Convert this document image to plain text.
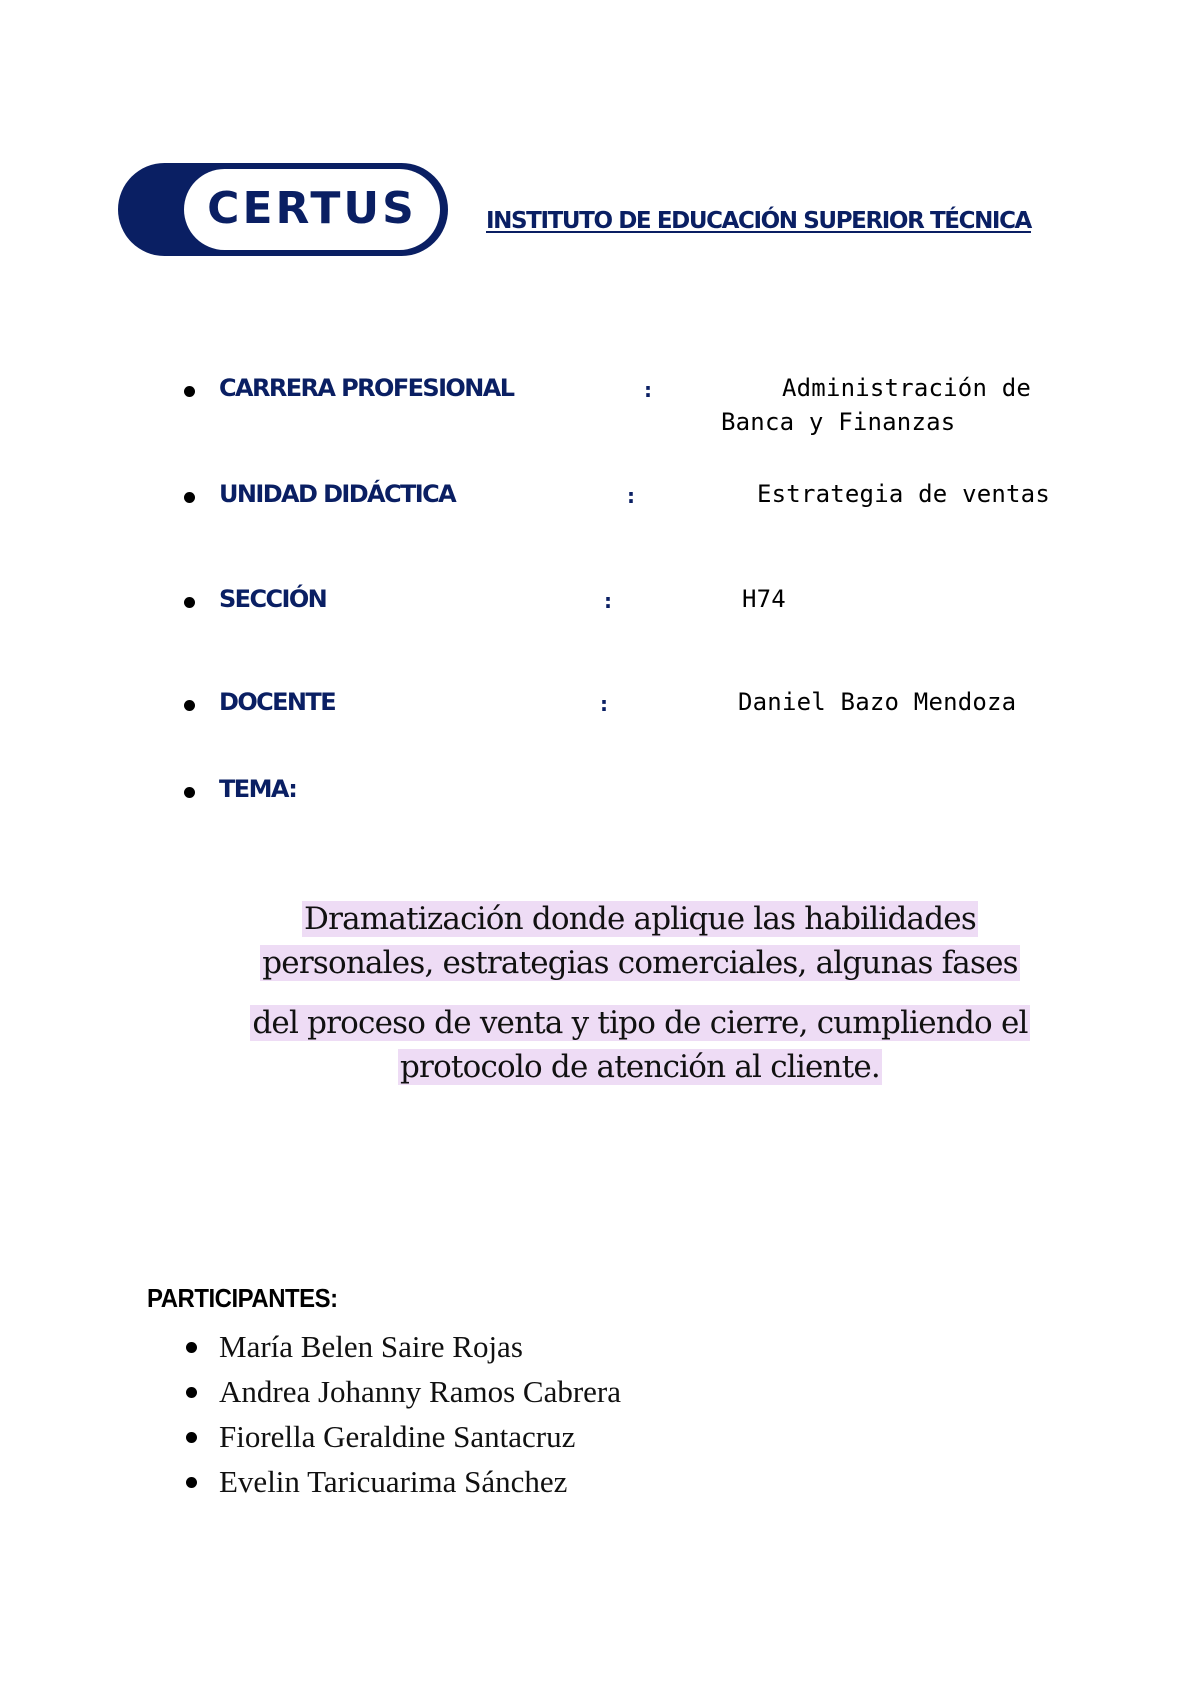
CERTUS	INSTITUTO DE EDUCACIÓN SUPERIOR TÉCNICA
CARRERA PROFESIONAL	:	Administración de
Banca y Finanzas
UNIDAD DIDÁCTICA	:	Estrategia de ventas
SECCIÓN	:	H74
DOCENTE	:	Daniel Bazo Mendoza
TEMA:
Dramatización donde aplique las habilidades
personales, estrategias comerciales, algunas fases
del proceso de venta y tipo de cierre, cumpliendo el
protocolo de atención al cliente.
PARTICIPANTES:
María Belen Saire Rojas
Andrea Johanny Ramos Cabrera
Fiorella Geraldine Santacruz
Evelin Taricuarima Sánchez
